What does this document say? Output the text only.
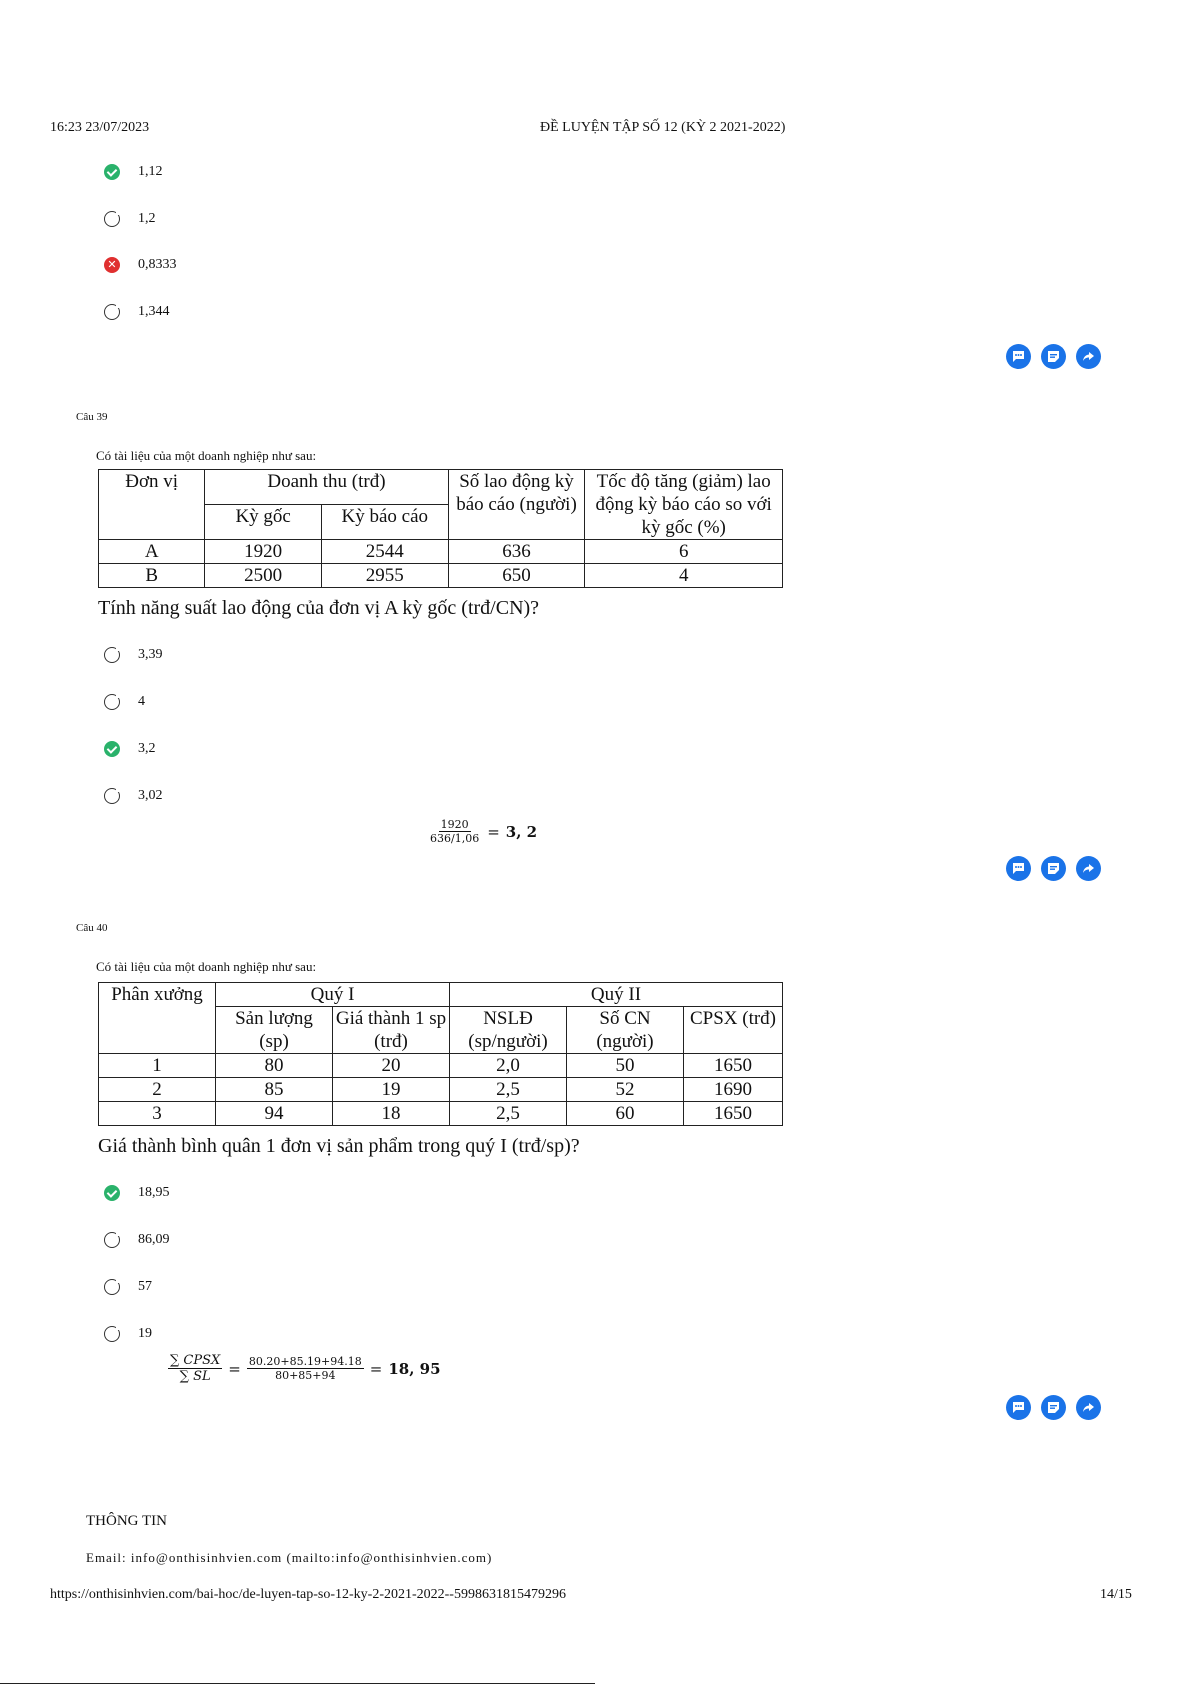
16:23 23/07/2023	ĐỀ LUYỆN TẬP SỐ 12 (KỲ 2 2021-2022)
1,12
1,2
✕ 0,8333
1,344
Câu 39
Có tài liệu của một doanh nghiệp như sau:
Đơn vị	Doanh thu (trđ)		Số lao động kỳ báo cáo (người)	Tốc độ tăng (giảm) lao động kỳ báo cáo so với kỳ gốc (%)
	Kỳ gốc	Kỳ báo cáo		
A	1920	2544	636	6
B	2500	2955	650	4
Tính năng suất lao động của đơn vị A kỳ gốc (trđ/CN)?
3,39
4
3,2
3,02
$\frac{1920}{636/1,06} = 3$, 2
Câu 40
Có tài liệu của một doanh nghiệp như sau:
Phân xưởng	Quý I		Quý II		
	Sản lượng (sp)	Giá thành 1 sp (trđ)	NSLĐ (sp/người)	Số CN (người)	CPSX (trđ)
1	80	20	2,0	50	1650
2	85	19	2,5	52	1690
3	94	18	2,5	60	1650
Giá thành bình quân 1 đơn vị sản phẩm trong quý I (trđ/sp)?
18,95
86,09
57
19
$\frac{\text{∑ CPSX}}{\sum SL} = \frac{80.20+85.19+94.18}{80+85+94} = 18$, 95
THÔNG TIN
Email: info@onthisinhvien.com (mailto:info@onthisinhvien.com)
https://onthisinhvien.com/bai-hoc/de-luyen-tap-so-12-ky-2-2021-2022--5998631815479296	14/15
